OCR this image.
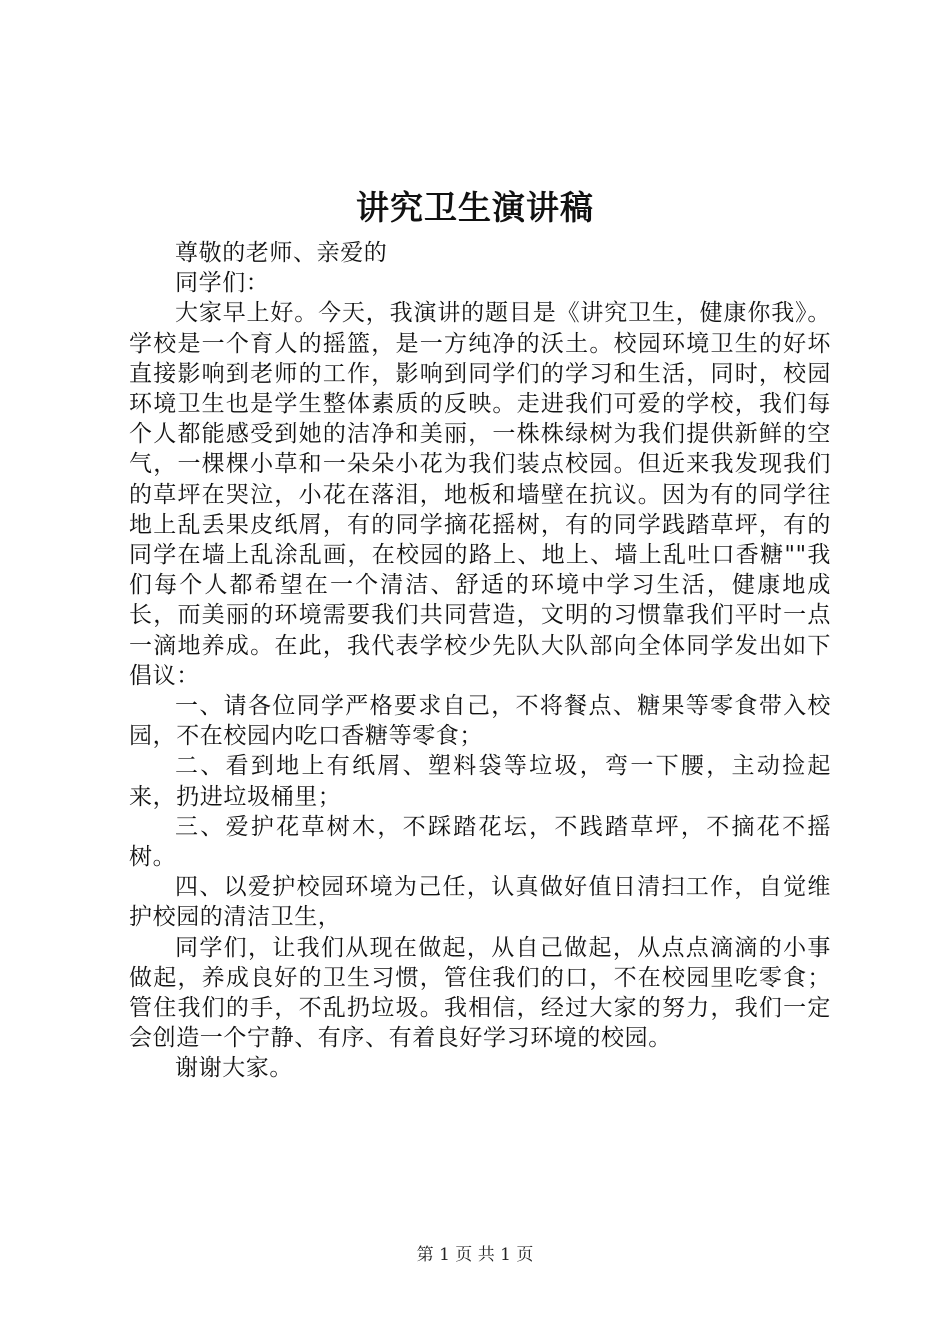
讲究卫生演讲稿

尊敬的老师、亲爱的

同学们：

大家早上好。今天，我演讲的题目是《讲究卫生，健康你我》。学校是一个育人的摇篮，是一方纯净的沃土。校园环境卫生的好坏直接影响到老师的工作，影响到同学们的学习和生活，同时，校园环境卫生也是学生整体素质的反映。走进我们可爱的学校，我们每个人都能感受到她的洁净和美丽，一株株绿树为我们提供新鲜的空气，一棵棵小草和一朵朵小花为我们装点校园。但近来我发现我们的草坪在哭泣，小花在落泪，地板和墙壁在抗议。因为有的同学往地上乱丢果皮纸屑，有的同学摘花摇树，有的同学践踏草坪，有的同学在墙上乱涂乱画，在校园的路上、地上、墙上乱吐口香糖""我们每个人都希望在一个清洁、舒适的环境中学习生活，健康地成长，而美丽的环境需要我们共同营造，文明的习惯靠我们平时一点一滴地养成。在此，我代表学校少先队大队部向全体同学发出如下倡议：

一、请各位同学严格要求自己，不将餐点、糖果等零食带入校园，不在校园内吃口香糖等零食；

二、看到地上有纸屑、塑料袋等垃圾，弯一下腰，主动捡起来，扔进垃圾桶里；

三、爱护花草树木，不踩踏花坛，不践踏草坪，不摘花不摇树。

四、以爱护校园环境为己任，认真做好值日清扫工作，自觉维护校园的清洁卫生，

同学们，让我们从现在做起，从自己做起，从点点滴滴的小事做起，养成良好的卫生习惯，管住我们的口，不在校园里吃零食；管住我们的手，不乱扔垃圾。我相信，经过大家的努力，我们一定会创造一个宁静、有序、有着良好学习环境的校园。

谢谢大家。

第 1 页 共 1 页
